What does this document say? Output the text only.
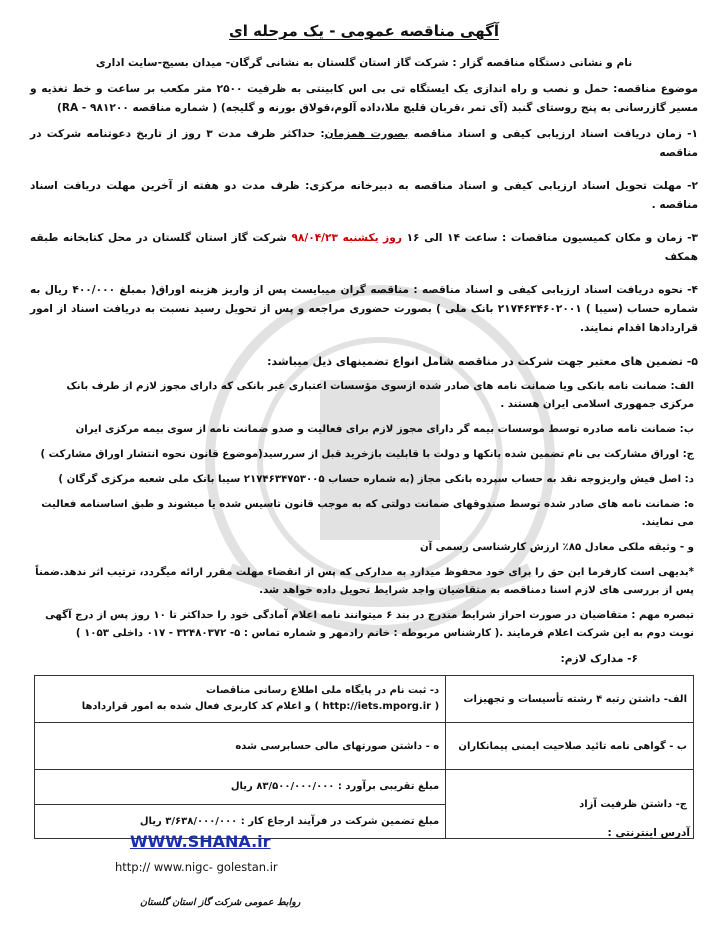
آگهی مناقصه عمومی - یک مرحله ای

نام و نشانی دستگاه مناقصه گزار : شرکت گاز استان گلستان به نشانی گرگان- میدان بسیج-سایت اداری

موضوع مناقصه: حمل و نصب و راه اندازی یک ایستگاه تی بی اس کابینتی به ظرفیت ۲۵۰۰ متر مکعب بر ساعت و خط تغذیه و مسیر گازرسانی به پنج روستای گنبد (آی تمر ،قربان قلیچ ملا،داده آلوم،قولاق بورنه و گلیجه) ( شماره مناقصه RA - ۹۸۱۲۰۰)

۱- زمان دریافت اسناد ارزیابی کیفی و اسناد مناقصه بصورت همزمان: حداکثر ظرف مدت ۳ روز از تاریخ دعوتنامه شرکت در مناقصه

۲- مهلت تحویل اسناد ارزیابی کیفی و اسناد مناقصه به دبیرخانه مرکزی: ظرف مدت دو هفته از آخرین مهلت دریافت اسناد مناقصه .

۳- زمان و مکان کمیسیون مناقصات : ساعت ۱۴ الی ۱۶ روز یکشنبه ۹۸/۰۴/۲۳ شرکت گاز استان گلستان در محل کتابخانه طبقه همکف

۴- نحوه دریافت اسناد ارزیابی کیفی و اسناد مناقصه : مناقصه گران میبایست پس از واریز هزینه اوراق( بمبلغ ۴۰۰/۰۰۰ ریال به شماره حساب (سیبا ) ۲۱۷۴۶۳۴۶۰۲۰۰۱ بانک ملی ) بصورت حضوری مراجعه و پس از تحویل رسید نسبت به دریافت اسناد از امور قراردادها اقدام نمایند.

۵- تضمین های معتبر جهت شرکت در مناقصه شامل انواع تضمینهای ذیل میباشد:

الف: ضمانت نامه بانکی ویا ضمانت نامه های صادر شده ازسوی مؤسسات اعتباری غیر بانکی که دارای مجوز لازم از طرف بانک مرکزی جمهوری اسلامی ایران هستند .

ب: ضمانت نامه صادره توسط موسسات بیمه گر دارای مجوز لازم برای فعالیت و صدو ضمانت نامه از سوی بیمه مرکزی ایران

ج: اوراق مشارکت بی نام تضمین شده بانکها و دولت با قابلیت بازخرید قبل از سررسید(موضوع قانون نحوه انتشار اوراق مشارکت )

د: اصل فیش واریزوجه نقد به حساب سپرده بانکی مجاز (به شماره حساب ۲۱۷۴۶۳۴۷۵۳۰۰۵ سیبا بانک ملی شعبه مرکزی گرگان )

ه: ضمانت نامه های صادر شده توسط صندوقهای ضمانت دولتی که به موجب قانون تاسیس شده یا میشوند و طبق اساسنامه فعالیت می نمایند.

و - وثیقه ملکی معادل ۸۵٪ ارزش کارشناسی رسمی آن

*بدیهی است کارفرما این حق را برای خود محفوظ میدارد به مدارکی که پس از انقضاء مهلت مقرر ارائه میگردد، ترتیب اثر ندهد.ضمناً پس از بررسی های لازم اسنا دمناقصه به متقاضیان واجد شرایط تحویل داده خواهد شد.

تبصره مهم : متقاضیان در صورت احراز شرایط مندرج در بند ۶ میتوانند نامه اعلام آمادگی خود را حداکثر تا ۱۰ روز پس از درج آگهی نوبت دوم به این شرکت اعلام فرمایند .( کارشناس مربوطه : خانم رادمهر و شماره تماس : ۵- ۳۲۴۸۰۳۷۲ - ۰۱۷ داخلی ۱۰۵۳ )

۶- مدارک لازم:

الف- داشتن رتبه ۴ رشته تأسیسات و تجهیزات	د- ثبت نام در پایگاه ملی اطلاع رسانی مناقصات
( http://iets.mporg.ir ) و اعلام کد کاربری فعال شده به امور قراردادها

ب - گواهی نامه تائید صلاحیت ایمنی پیمانکاران	ه - داشتن صورتهای مالی حسابرسی شده
ج- داشتن ظرفیت آزاد	مبلغ تقریبی برآورد : ۸۳/۵۰۰/۰۰۰/۰۰۰ ریال
	مبلغ تضمین شرکت در فرآیند ارجاع کار : ۳/۶۳۸/۰۰۰/۰۰۰ ریال
آدرس اینترنتی :
WWW.SHANA.ir
http:// www.nigc- golestan.ir
روابط عمومی شرکت گاز استان گلستان
